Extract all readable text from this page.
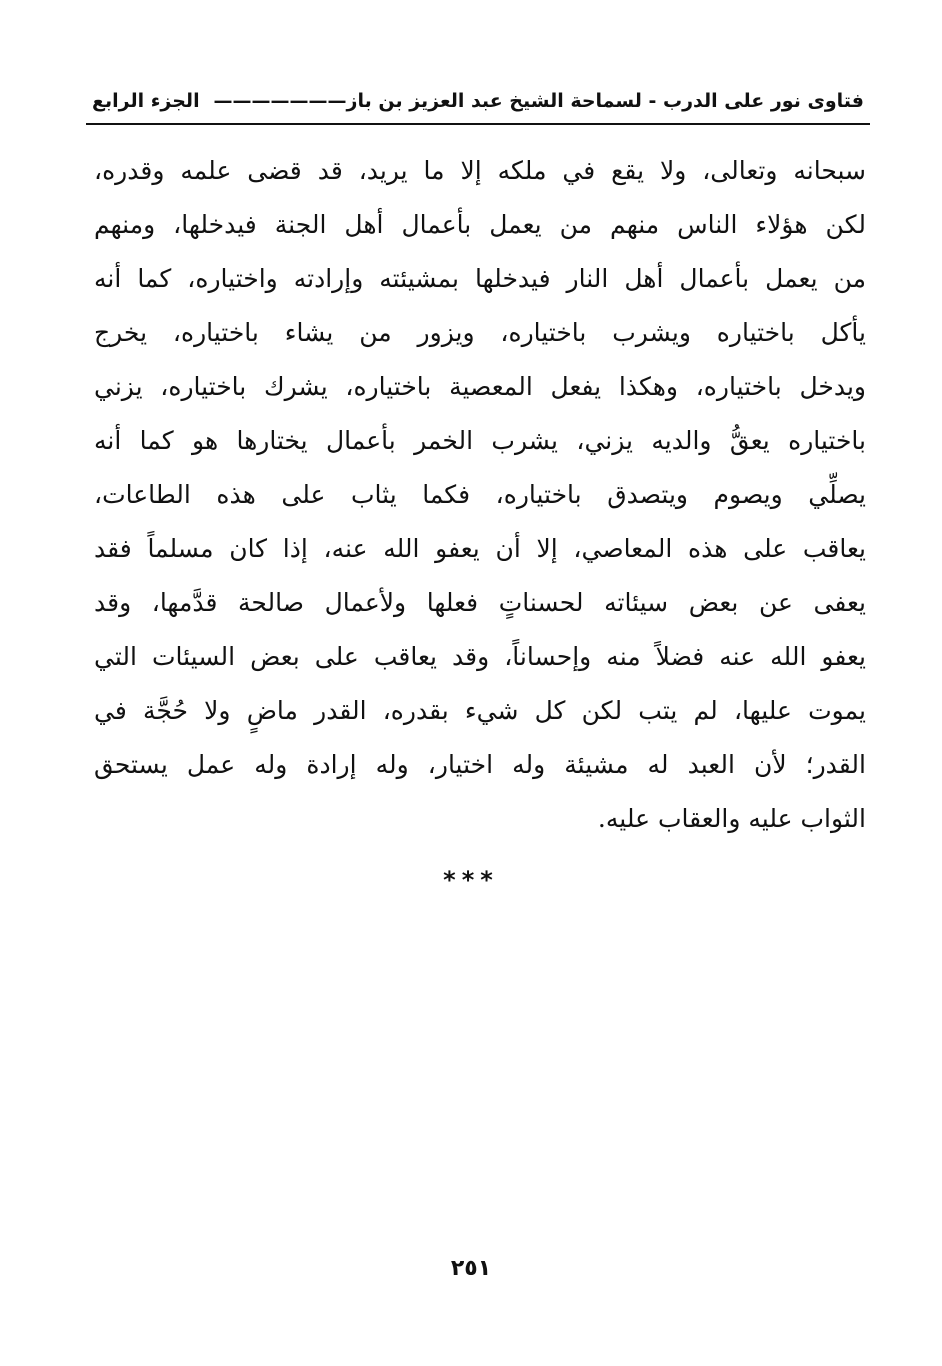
فتاوى نور على الدرب - لسماحة الشيخ عبد العزيز بن باز———————
الجزء الرابع
سبحانه وتعالى، ولا يقع في ملكه إلا ما يريد، قد قضى علمه وقدره،
لكن هؤلاء الناس منهم من يعمل بأعمال أهل الجنة فيدخلها، ومنهم
من يعمل بأعمال أهل النار فيدخلها بمشيئته وإرادته واختياره، كما أنه
يأكل باختياره ويشرب باختياره، ويزور من يشاء باختياره، يخرج
ويدخل باختياره، وهكذا يفعل المعصية باختياره، يشرك باختياره، يزني
باختياره يعقُّ والديه يزني، يشرب الخمر بأعمال يختارها هو كما أنه
يصلِّي ويصوم ويتصدق باختياره، فكما يثاب على هذه الطاعات،
يعاقب على هذه المعاصي، إلا أن يعفو الله عنه، إذا كان مسلماً فقد
يعفى عن بعض سيئاته لحسناتٍ فعلها ولأعمال صالحة قدَّمها، وقد
يعفو الله عنه فضلاً منه وإحساناً، وقد يعاقب على بعض السيئات التي
يموت عليها، لم يتب لكن كل شيء بقدره، القدر ماضٍ ولا حُجَّة في
القدر؛ لأن العبد له مشيئة وله اختيار، وله إرادة وله عمل يستحق
الثواب عليه والعقاب عليه.
***
٢٥١
